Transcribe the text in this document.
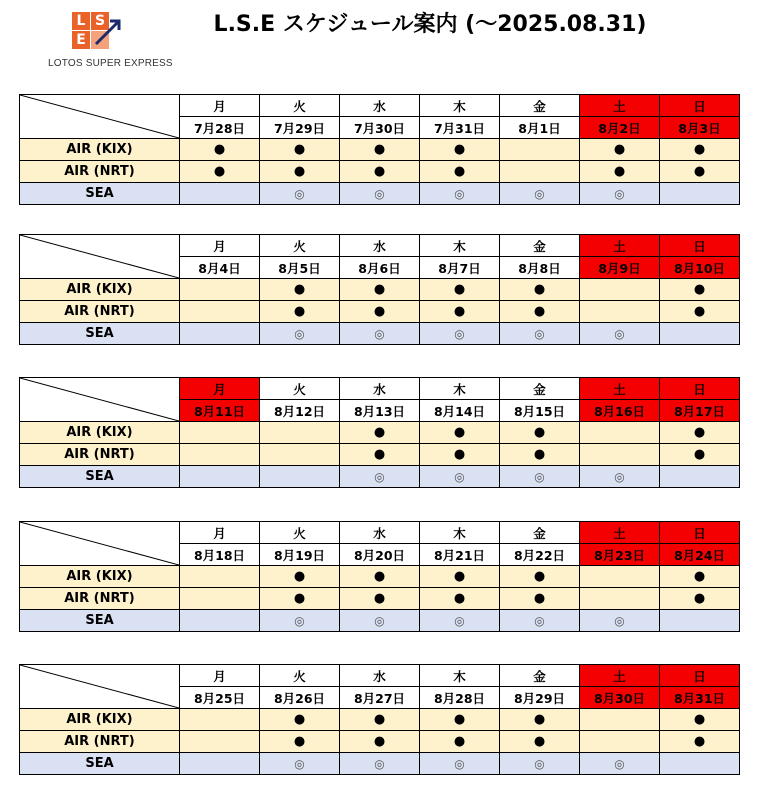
L S
E
LOTOS SUPER EXPRESS
L.S.E スケジュール案内 (～2025.08.31)
	月	火	水	木	金	土	日
	7月28日	7月29日	7月30日	7月31日	8月1日	8月2日	8月3日
AIR (KIX)	●	●	●	●		●	●
AIR (NRT)	●	●	●	●		●	●
SEA		◎	◎	◎	◎	◎	
	月	火	水	木	金	土	日
	8月4日	8月5日	8月6日	8月7日	8月8日	8月9日	8月10日
AIR (KIX)		●	●	●	●		●
AIR (NRT)		●	●	●	●		●
SEA		◎	◎	◎	◎	◎	
	月	火	水	木	金	土	日
	8月11日	8月12日	8月13日	8月14日	8月15日	8月16日	8月17日
AIR (KIX)			●	●	●		●
AIR (NRT)			●	●	●		●
SEA			◎	◎	◎	◎	
	月	火	水	木	金	土	日
	8月18日	8月19日	8月20日	8月21日	8月22日	8月23日	8月24日
AIR (KIX)		●	●	●	●		●
AIR (NRT)		●	●	●	●		●
SEA		◎	◎	◎	◎	◎	
	月	火	水	木	金	土	日
	8月25日	8月26日	8月27日	8月28日	8月29日	8月30日	8月31日
AIR (KIX)		●	●	●	●		●
AIR (NRT)		●	●	●	●		●
SEA		◎	◎	◎	◎	◎	
